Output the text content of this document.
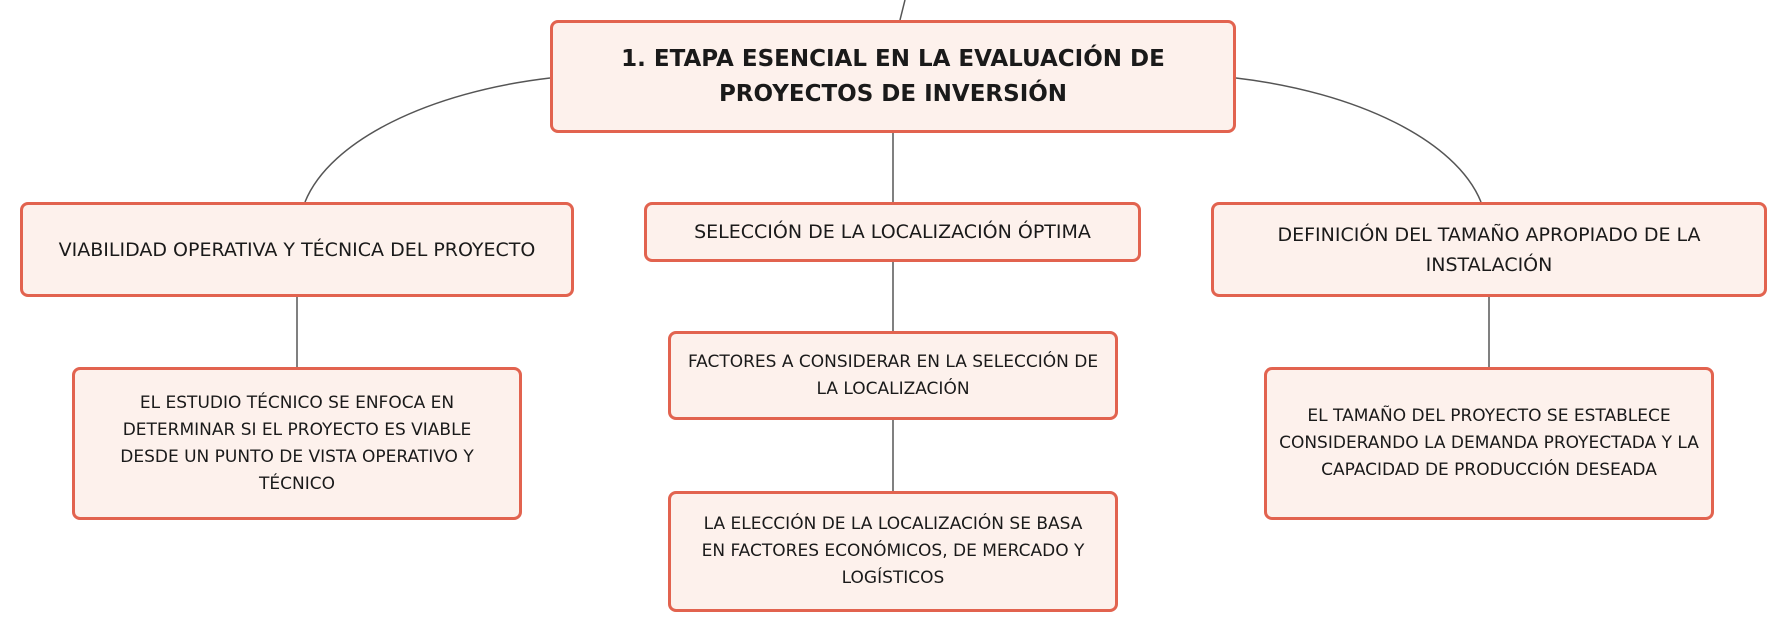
1. ETAPA ESENCIAL EN LA EVALUACIÓN DE PROYECTOS DE INVERSIÓN
VIABILIDAD OPERATIVA Y TÉCNICA DEL PROYECTO
SELECCIÓN DE LA LOCALIZACIÓN ÓPTIMA	DEFINICIÓN DEL TAMAÑO APROPIADO DE LA INSTALACIÓN
EL ESTUDIO TÉCNICO SE ENFOCA EN DETERMINAR SI EL PROYECTO ES VIABLE DESDE UN PUNTO DE VISTA OPERATIVO Y TÉCNICO
FACTORES A CONSIDERAR EN LA SELECCIÓN DE LA LOCALIZACIÓN
LA ELECCIÓN DE LA LOCALIZACIÓN SE BASA EN FACTORES ECONÓMICOS, DE MERCADO Y LOGÍSTICOS
EL TAMAÑO DEL PROYECTO SE ESTABLECE CONSIDERANDO LA DEMANDA PROYECTADA Y LA CAPACIDAD DE PRODUCCIÓN DESEADA
